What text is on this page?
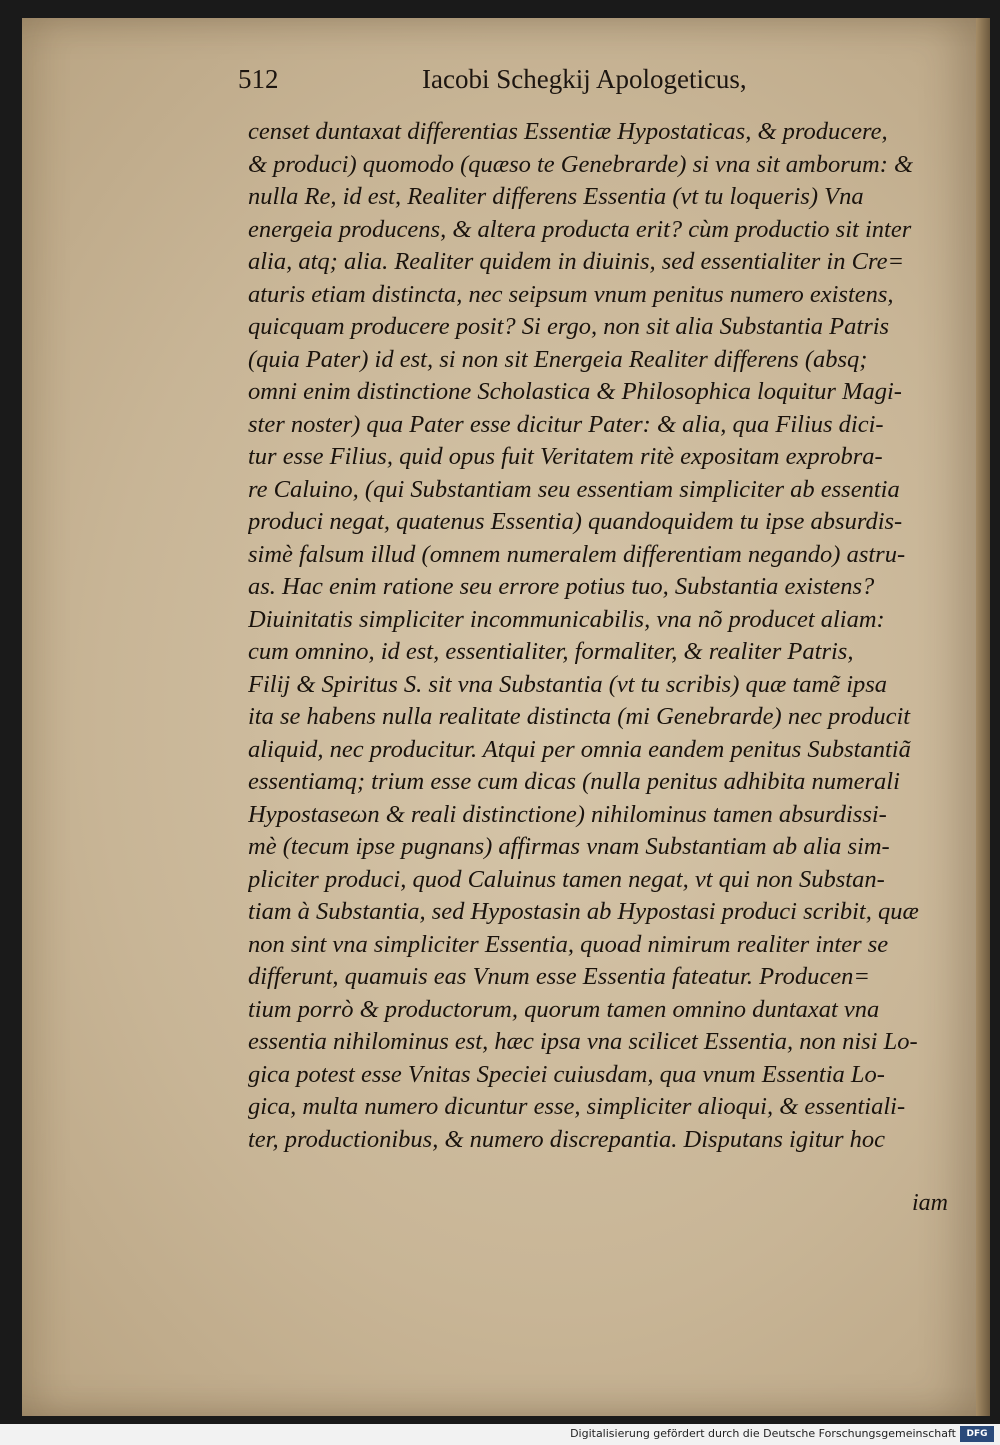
512	Iacobi Schegkij Apologeticus,
censet duntaxat differentias Essentiæ Hypostaticas, & producere,
& produci) quomodo (quæso te Genebrarde) si vna sit amborum: &
nulla Re, id est, Realiter differens Essentia (vt tu loqueris) Vna
energeia producens, & altera producta erit? cùm productio sit inter
alia, atq; alia. Realiter quidem in diuinis, sed essentialiter in Cre=
aturis etiam distincta, nec seipsum vnum penitus numero existens,
quicquam producere posit? Si ergo, non sit alia Substantia Patris
(quia Pater) id est, si non sit Energeia Realiter differens (absq;
omni enim distinctione Scholastica & Philosophica loquitur Magi-
ster noster) qua Pater esse dicitur Pater: & alia, qua Filius dici-
tur esse Filius, quid opus fuit Veritatem ritè expositam exprobra-
re Caluino, (qui Substantiam seu essentiam simpliciter ab essentia
produci negat, quatenus Essentia) quandoquidem tu ipse absurdis-
simè falsum illud (omnem numeralem differentiam negando) astru-
as. Hac enim ratione seu errore potius tuo, Substantia existens?
Diuinitatis simpliciter incommunicabilis, vna nõ producet aliam:
cum omnino, id est, essentialiter, formaliter, & realiter Patris,
Filij & Spiritus S. sit vna Substantia (vt tu scribis) quæ tamẽ ipsa
ita se habens nulla realitate distincta (mi Genebrarde) nec producit
aliquid, nec producitur. Atqui per omnia eandem penitus Substantiã
essentiamq; trium esse cum dicas (nulla penitus adhibita numerali
Hypostaseωn & reali distinctione) nihilominus tamen absurdissi-
mè (tecum ipse pugnans) affirmas vnam Substantiam ab alia sim-
pliciter produci, quod Caluinus tamen negat, vt qui non Substan-
tiam à Substantia, sed Hypostasin ab Hypostasi produci scribit, quæ
non sint vna simpliciter Essentia, quoad nimirum realiter inter se
differunt, quamuis eas Vnum esse Essentia fateatur. Producen=
tium porrò & productorum, quorum tamen omnino duntaxat vna
essentia nihilominus est, hæc ipsa vna scilicet Essentia, non nisi Lo-
gica potest esse Vnitas Speciei cuiusdam, qua vnum Essentia Lo-
gica, multa numero dicuntur esse, simpliciter alioqui, & essentiali-
ter, productionibus, & numero discrepantia. Disputans igitur hoc
iam
Digitalisierung gefördert durch die Deutsche Forschungsgemeinschaft	DFG
